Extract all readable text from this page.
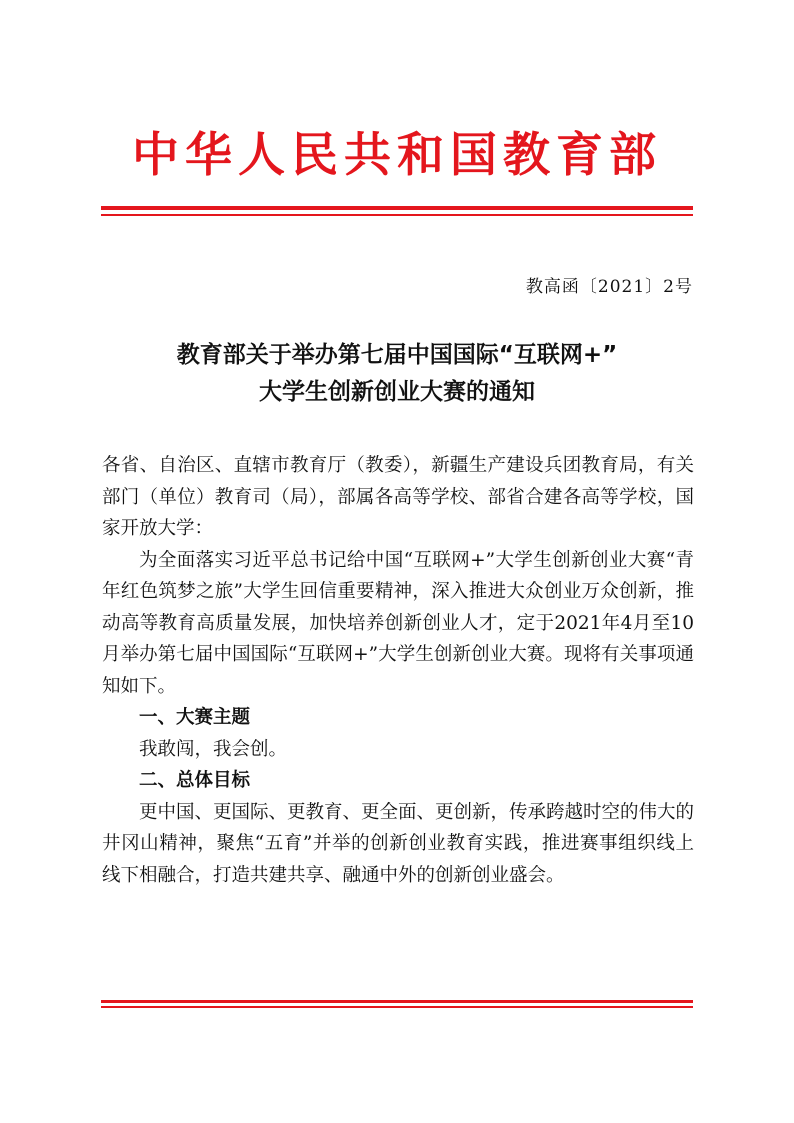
中华人民共和国教育部
教高函〔2021〕2号
教育部关于举办第七届中国国际“互联网+”
大学生创新创业大赛的通知

各省、自治区、直辖市教育厅（教委），新疆生产建设兵团教育局，有关部门（单位）教育司（局），部属各高等学校、部省合建各高等学校，国家开放大学：

为全面落实习近平总书记给中国“互联网+”大学生创新创业大赛“青年红色筑梦之旅”大学生回信重要精神，深入推进大众创业万众创新，推动高等教育高质量发展，加快培养创新创业人才，定于2021年4月至10月举办第七届中国国际“互联网+”大学生创新创业大赛。现将有关事项通知如下。

一、大赛主题

我敢闯，我会创。

二、总体目标

更中国、更国际、更教育、更全面、更创新，传承跨越时空的伟大的井冈山精神，聚焦“五育”并举的创新创业教育实践，推进赛事组织线上线下相融合，打造共建共享、融通中外的创新创业盛会。
